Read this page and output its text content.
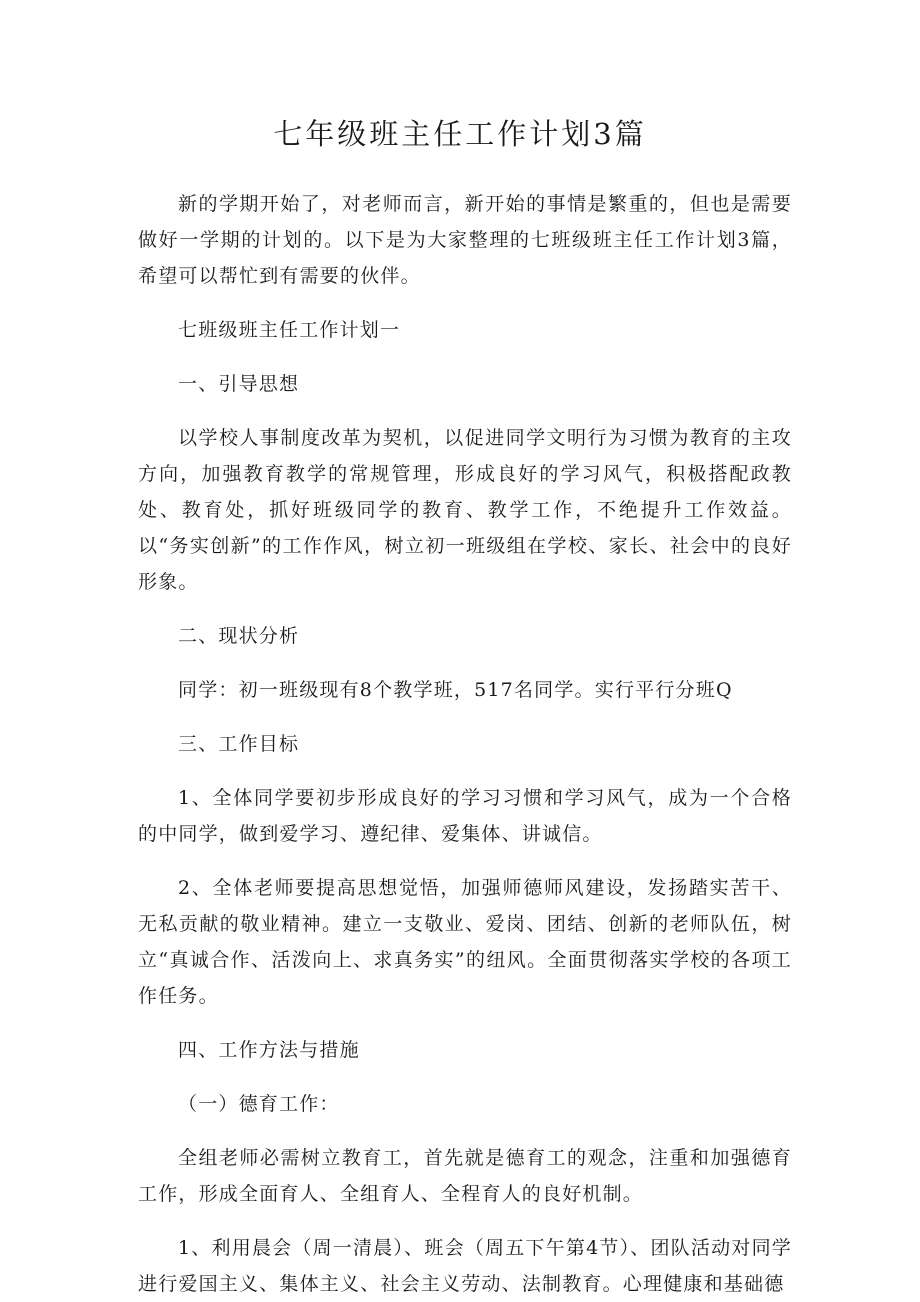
七年级班主任工作计划3篇

新的学期开始了，对老师而言，新开始的事情是繁重的，但也是需要做好一学期的计划的。以下是为大家整理的七班级班主任工作计划3篇，希望可以帮忙到有需要的伙伴。

七班级班主任工作计划一

一、引导思想

以学校人事制度改革为契机，以促进同学文明行为习惯为教育的主攻方向，加强教育教学的常规管理，形成良好的学习风气，积极搭配政教处、教育处，抓好班级同学的教育、教学工作，不绝提升工作效益。以“务实创新”的工作作风，树立初一班级组在学校、家长、社会中的良好形象。

二、现状分析

同学：初一班级现有8个教学班，517名同学。实行平行分班Q

三、工作目标

1、全体同学要初步形成良好的学习习惯和学习风气，成为一个合格的中同学，做到爱学习、遵纪律、爱集体、讲诚信。

2、全体老师要提高思想觉悟，加强师德师风建设，发扬踏实苦干、无私贡献的敬业精神。建立一支敬业、爱岗、团结、创新的老师队伍，树立“真诚合作、活泼向上、求真务实”的纽风。全面贯彻落实学校的各项工作任务。

四、工作方法与措施

（一）德育工作：

全组老师必需树立教育工，首先就是德育工的观念，注重和加强德育工作，形成全面育人、全组育人、全程育人的良好机制。

1、利用晨会（周一清晨）、班会（周五下午第4节）、团队活动对同学进行爱国主义、集体主义、社会主义劳动、法制教育。心理健康和基础德
